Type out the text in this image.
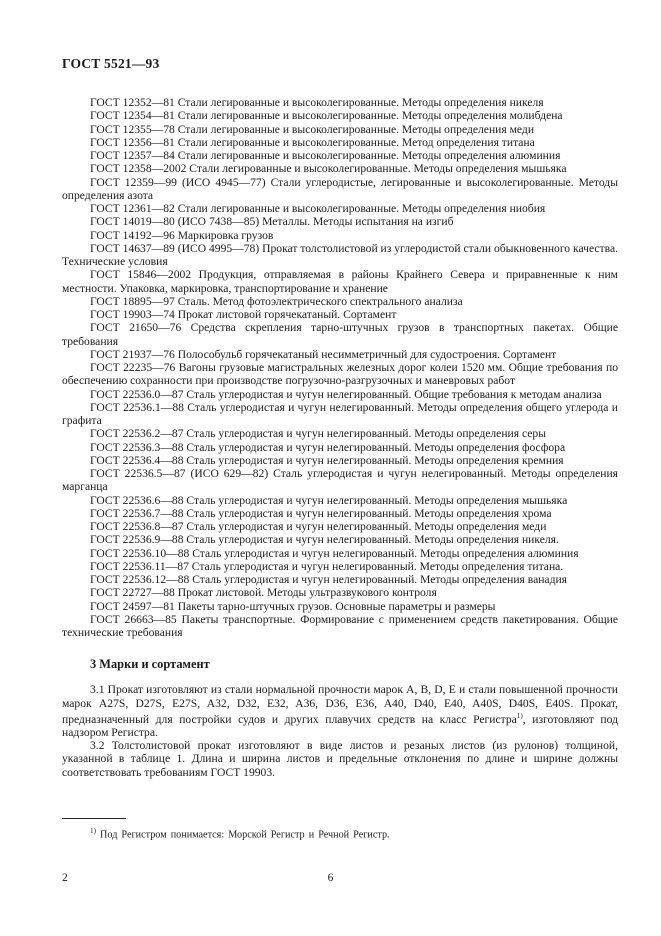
ГОСТ 5521—93

ГОСТ 12352—81 Стали легированные и высоколегированные. Методы определения никеля

ГОСТ 12354—81 Стали легированные и высоколегированные. Методы определения молибдена

ГОСТ 12355—78 Стали легированные и высоколегированные. Методы определения меди

ГОСТ 12356—81 Стали легированные и высоколегированные. Метод определения титана

ГОСТ 12357—84 Стали легированные и высоколегированные. Методы определения алюминия

ГОСТ 12358—2002 Стали легированные и высоколегированные. Методы определения мышьяка

ГОСТ 12359—99 (ИСО 4945—77) Стали углеродистые, легированные и высоколегированные. Методы определения азота

ГОСТ 12361—82 Стали легированные и высоколегированные. Методы определения ниобия

ГОСТ 14019—80 (ИСО 7438—85) Металлы. Методы испытания на изгиб

ГОСТ 14192—96 Маркировка грузов

ГОСТ 14637—89 (ИСО 4995—78) Прокат толстолистовой из углеродистой стали обыкновенного качества. Технические условия

ГОСТ 15846—2002 Продукция, отправляемая в районы Крайнего Севера и приравненные к ним местности. Упаковка, маркировка, транспортирование и хранение

ГОСТ 18895—97 Сталь. Метод фотоэлектрического спектрального анализа

ГОСТ 19903—74 Прокат листовой горячекатаный. Сортамент

ГОСТ 21650—76 Средства скрепления тарно-штучных грузов в транспортных пакетах. Общие требования

ГОСТ 21937—76 Полособульб горячекатаный несимметричный для судостроения. Сортамент

ГОСТ 22235—76 Вагоны грузовые магистральных железных дорог колеи 1520 мм. Общие требования по обеспечению сохранности при производстве погрузочно-разгрузочных и маневровых работ

ГОСТ 22536.0—87 Сталь углеродистая и чугун нелегированный. Общие требования к методам анализа

ГОСТ 22536.1—88 Сталь углеродистая и чугун нелегированный. Методы определения общего углерода и графита

ГОСТ 22536.2—87 Сталь углеродистая и чугун нелегированный. Методы определения серы

ГОСТ 22536.3—88 Сталь углеродистая и чугун нелегированный. Методы определения фосфора

ГОСТ 22536.4—88 Сталь углеродистая и чугун нелегированный. Методы определения кремния

ГОСТ 22536.5—87 (ИСО 629—82) Сталь углеродистая и чугун нелегированный. Методы определения марганца

ГОСТ 22536.6—88 Сталь углеродистая и чугун нелегированный. Методы определения мышьяка

ГОСТ 22536.7—88 Сталь углеродистая и чугун нелегированный. Методы определения хрома

ГОСТ 22536.8—87 Сталь углеродистая и чугун нелегированный. Методы определения меди

ГОСТ 22536.9—88 Сталь углеродистая и чугун нелегированный. Методы определения никеля.

ГОСТ 22536.10—88 Сталь углеродистая и чугун нелегированный. Методы определения алюминия

ГОСТ 22536.11—87 Сталь углеродистая и чугун нелегированный. Методы определения титана.

ГОСТ 22536.12—88 Сталь углеродистая и чугун нелегированный. Методы определения ванадия

ГОСТ 22727—88 Прокат листовой. Методы ультразвукового контроля

ГОСТ 24597—81 Пакеты тарно-штучных грузов. Основные параметры и размеры

ГОСТ 26663—85 Пакеты транспортные. Формирование с применением средств пакетирования. Общие технические требования

3 Марки и сортамент

3.1 Прокат изготовляют из стали нормальной прочности марок A, B, D, E и стали повышенной прочности марок A27S, D27S, E27S, A32, D32, E32, A36, D36, E36, A40, D40, E40, A40S, D40S, E40S. Прокат, предназначенный для постройки судов и других плавучих средств на класс Регистра$^{1)}$, изготовляют под надзором Регистра.

3.2 Толстолистовой прокат изготовляют в виде листов и резаных листов (из рулонов) толщиной, указанной в таблице 1. Длина и ширина листов и предельные отклонения по длине и ширине должны соответствовать требованиям ГОСТ 19903.

$^{1)}$ Под Регистром понимается: Морской Регистр и Речной Регистр.

2	6
